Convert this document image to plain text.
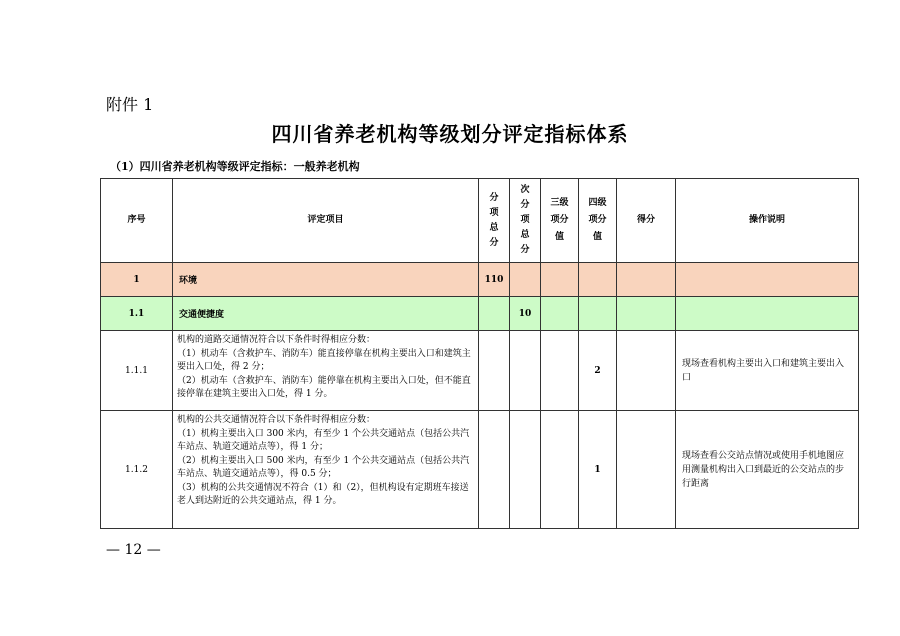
附件 1
四川省养老机构等级划分评定指标体系
（1）四川省养老机构等级评定指标：一般养老机构
序号	评定项目	分
项
总
分	次
分
项
总
分	三级
项分
值	四级
项分
值	得分	操作说明
1	环境	110					
1.1	交通便捷度		10				
1.1.1	机构的道路交通情况符合以下条件时得相应分数：
（1）机动车（含救护车、消防车）能直接停靠在机构主要出入口和建筑主要出入口处，得 2 分；
（2）机动车（含救护车、消防车）能停靠在机构主要出入口处，但不能直接停靠在建筑主要出入口处，得 1 分。				2		现场查看机构主要出入口和建筑主要出入口
1.1.2	机构的公共交通情况符合以下条件时得相应分数：
（1）机构主要出入口 300 米内，有至少 1 个公共交通站点（包括公共汽车站点、轨道交通站点等），得 1 分；
（2）机构主要出入口 500 米内，有至少 1 个公共交通站点（包括公共汽车站点、轨道交通站点等），得 0.5 分；
（3）机构的公共交通情况不符合（1）和（2），但机构设有定期班车接送老人到达附近的公共交通站点，得 1 分。				1		现场查看公交站点情况或使用手机地图应用测量机构出入口到最近的公交站点的步行距离
— 12 —
